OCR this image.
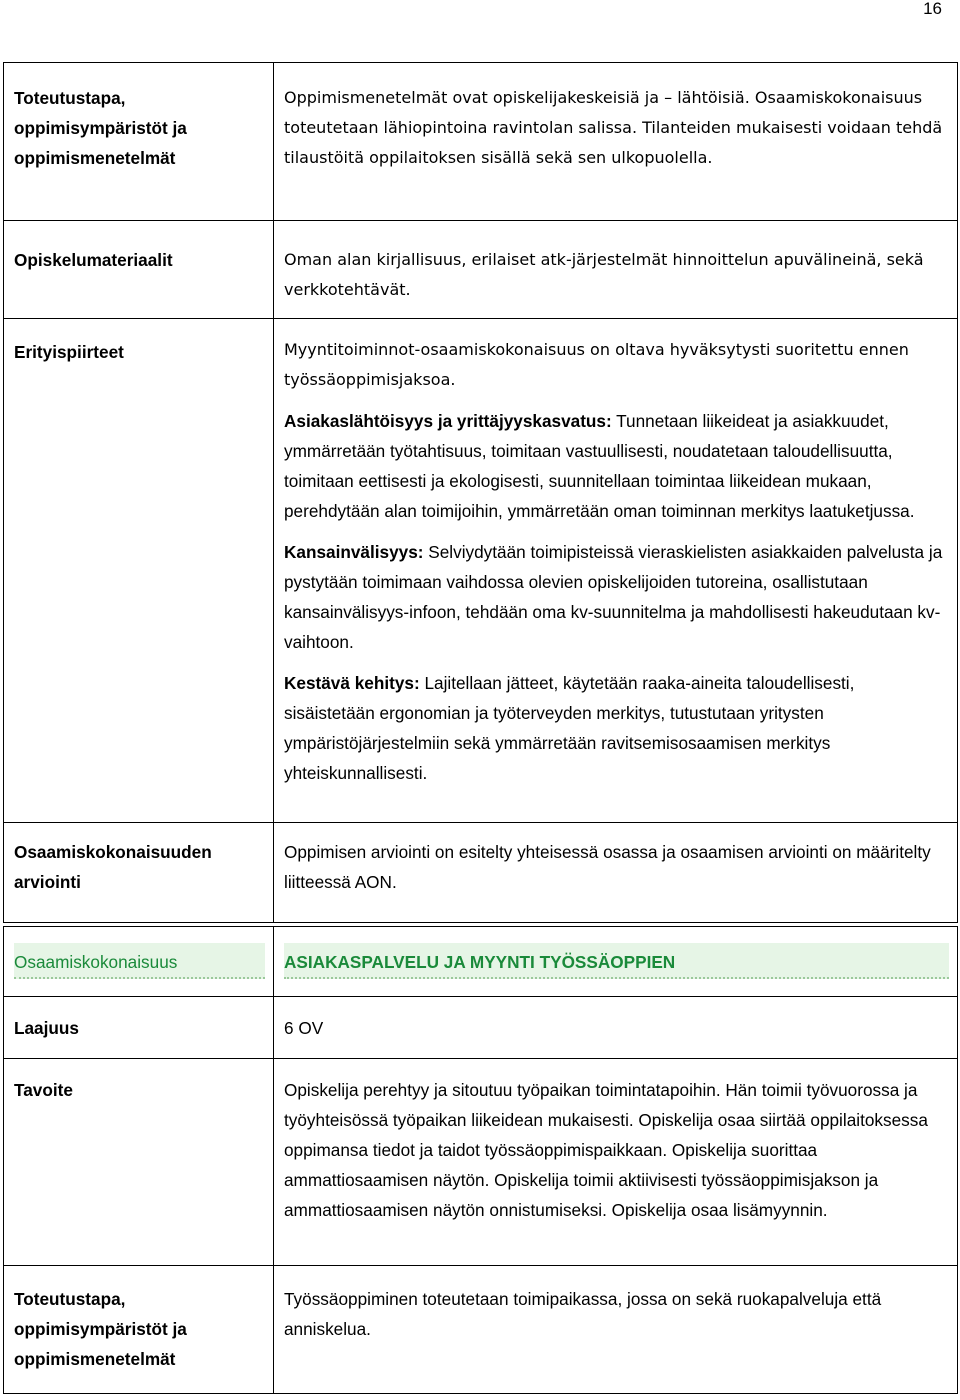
16
Toteutustapa, oppimisympäristöt ja oppimismenetelmät	Oppimismenetelmät ovat opiskelijakeskeisiä ja – lähtöisiä. Osaamiskokonaisuus toteutetaan lähiopintoina ravintolan salissa. Tilanteiden mukaisesti voidaan tehdä tilaustöitä oppilaitoksen sisällä sekä sen ulkopuolella.
Opiskelumateriaalit	Oman alan kirjallisuus, erilaiset atk-järjestelmät hinnoittelun apuvälineinä, sekä verkkotehtävät.
Erityispiirteet	Myyntitoiminnot-osaamiskokonaisuus on oltava hyväksytysti suoritettu ennen työssäoppimisjaksoa.

Asiakaslähtöisyys ja yrittäjyyskasvatus: Tunnetaan liikeideat ja asiakkuudet, ymmärretään työtahtisuus, toimitaan vastuullisesti, noudatetaan taloudellisuutta, toimitaan eettisesti ja ekologisesti, suunnitellaan toimintaa liikeidean mukaan, perehdytään alan toimijoihin, ymmärretään oman toiminnan merkitys laatuketjussa.

Kansainvälisyys: Selviydytään toimipisteissä vieraskielisten asiakkaiden palvelusta ja pystytään toimimaan vaihdossa olevien opiskelijoiden tutoreina, osallistutaan kansainvälisyys-infoon, tehdään oma kv-suunnitelma ja mahdollisesti hakeudutaan kv-vaihtoon.

Kestävä kehitys: Lajitellaan jätteet, käytetään raaka-aineita taloudellisesti, sisäistetään ergonomian ja työterveyden merkitys, tutustutaan yritysten ympäristöjärjestelmiin sekä ymmärretään ravitsemisosaamisen merkitys yhteiskunnallisesti.

Osaamiskokonaisuuden arviointi	Oppimisen arviointi on esitelty yhteisessä osassa ja osaamisen arviointi on määritelty liitteessä AON.
Osaamiskokonaisuus	ASIAKASPALVELU JA MYYNTI TYÖSSÄOPPIEN

Laajuus	6 OV
Tavoite	Opiskelija perehtyy ja sitoutuu työpaikan toimintatapoihin. Hän toimii työvuorossa ja työyhteisössä työpaikan liikeidean mukaisesti. Opiskelija osaa siirtää oppilaitoksessa oppimansa tiedot ja taidot työssäoppimispaikkaan. Opiskelija suorittaa ammattiosaamisen näytön. Opiskelija toimii aktiivisesti työssäoppimisjakson ja ammattiosaamisen näytön onnistumiseksi. Opiskelija osaa lisämyynnin.
Toteutustapa, oppimisympäristöt ja oppimismenetelmät	Työssäoppiminen toteutetaan toimipaikassa, jossa on sekä ruokapalveluja että anniskelua.
